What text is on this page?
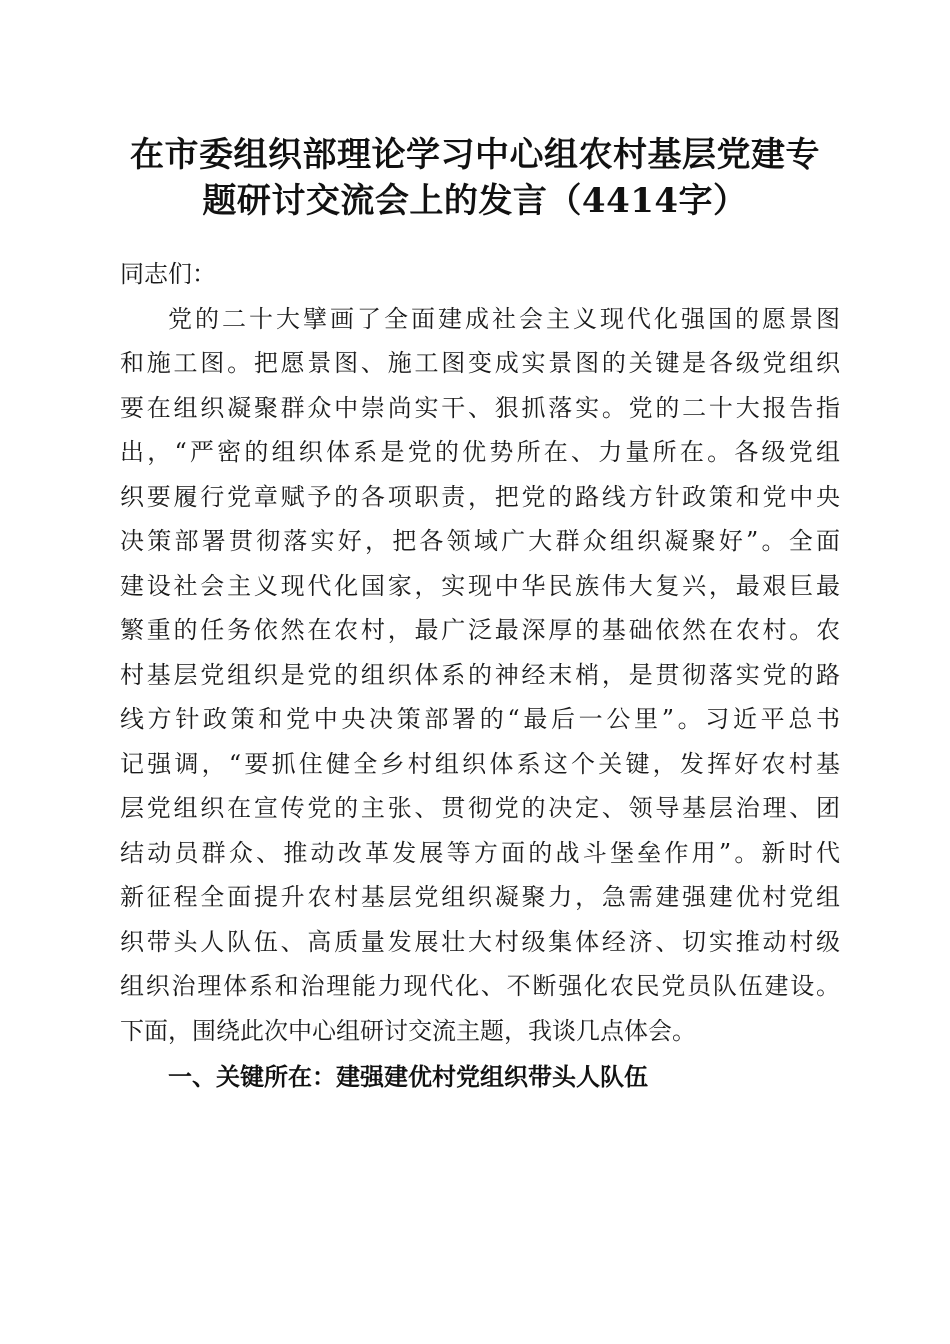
在市委组织部理论学习中心组农村基层党建专
题研讨交流会上的发言（4414字）
同志们：
党的二十大擘画了全面建成社会主义现代化强国的愿景图
和施工图。把愿景图、施工图变成实景图的关键是各级党组织
要在组织凝聚群众中崇尚实干、狠抓落实。党的二十大报告指
出，“严密的组织体系是党的优势所在、力量所在。各级党组
织要履行党章赋予的各项职责，把党的路线方针政策和党中央
决策部署贯彻落实好，把各领域广大群众组织凝聚好”。全面
建设社会主义现代化国家，实现中华民族伟大复兴，最艰巨最
繁重的任务依然在农村，最广泛最深厚的基础依然在农村。农
村基层党组织是党的组织体系的神经末梢，是贯彻落实党的路
线方针政策和党中央决策部署的“最后一公里”。习近平总书
记强调，“要抓住健全乡村组织体系这个关键，发挥好农村基
层党组织在宣传党的主张、贯彻党的决定、领导基层治理、团
结动员群众、推动改革发展等方面的战斗堡垒作用”。新时代
新征程全面提升农村基层党组织凝聚力，急需建强建优村党组
织带头人队伍、高质量发展壮大村级集体经济、切实推动村级
组织治理体系和治理能力现代化、不断强化农民党员队伍建设。
下面，围绕此次中心组研讨交流主题，我谈几点体会。
一、关键所在：建强建优村党组织带头人队伍
